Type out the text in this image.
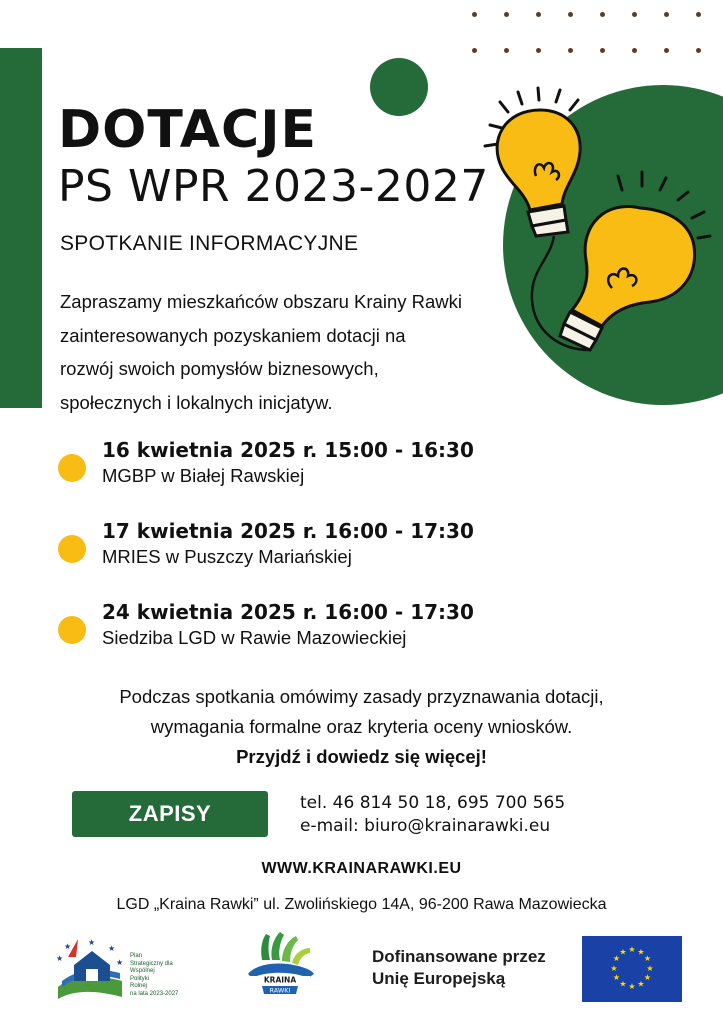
DOTACJE
PS WPR 2023-2027
SPOTKANIE INFORMACYJNE
Zapraszamy mieszkańców obszaru Krainy Rawki
zainteresowanych pozyskaniem dotacji na
rozwój swoich pomysłów biznesowych,
społecznych i lokalnych inicjatyw.
16 kwietnia 2025 r. 15:00 - 16:30
MGBP w Białej Rawskiej
17 kwietnia 2025 r. 16:00 - 17:30
MRIES w Puszczy Mariańskiej
24 kwietnia 2025 r. 16:00 - 17:30
Siedziba LGD w Rawie Mazowieckiej
Podczas spotkania omówimy zasady przyznawania dotacji,
wymagania formalne oraz kryteria oceny wniosków.
Przyjdź i dowiedz się więcej!
ZAPISY	tel. 46 814 50 18, 695 700 565
e-mail: biuro@krainarawki.eu
WWW.KRAINARAWKI.EU
LGD „Kraina Rawki” ul. Zwolińskiego 14A, 96-200 Rawa Mazowiecka
★
★ ★
★
★
Plan
Strategiczny dla
Wspólnej
Polityki
Rolnej
na lata 2023-2027
KRAINA
RAWKI
Dofinansowane przez
Unię Europejską
★ ★
★
★
★
★
★
★
★
★
★
★
